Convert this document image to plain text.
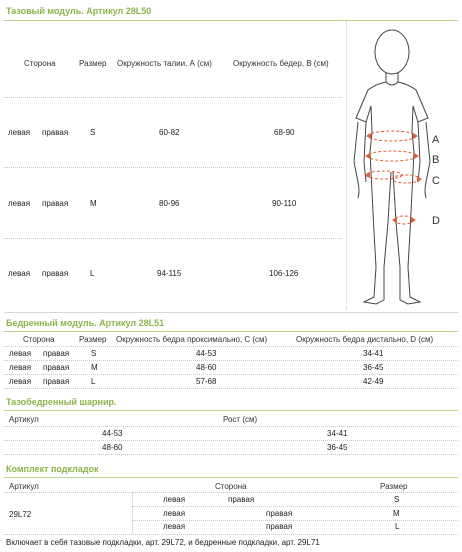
Тазовый модуль. Артикул 28L50
Сторона	Размер Окружность талии, А (см)	Окружность бедер, В (см)
левая правая	S	60-82	68-90
левая правая	M	80-96	90-110
левая правая	L	94-115	106-126
A
B
C
D
Бедренный модуль. Артикул 28L51
Сторона	Размер Окружность бедра проксимально, С (см)	Окружность бедра дистально, D (см)
левая правая	S	44-53	34-41
левая правая	M	48-60	36-45
левая правая	L	57-68	42-49
Тазобедренный шарнир.
Артикул	Рост (см)
44-53	34-41
48-60	36-45
Комплект подкладок
Артикул	Сторона	Размер
29L72
левая	правая	S
левая	правая	M
левая	правая	L
Включает в себя тазовые подкладки, арт. 29L72, и бедренные подкладки, арт. 29L71
